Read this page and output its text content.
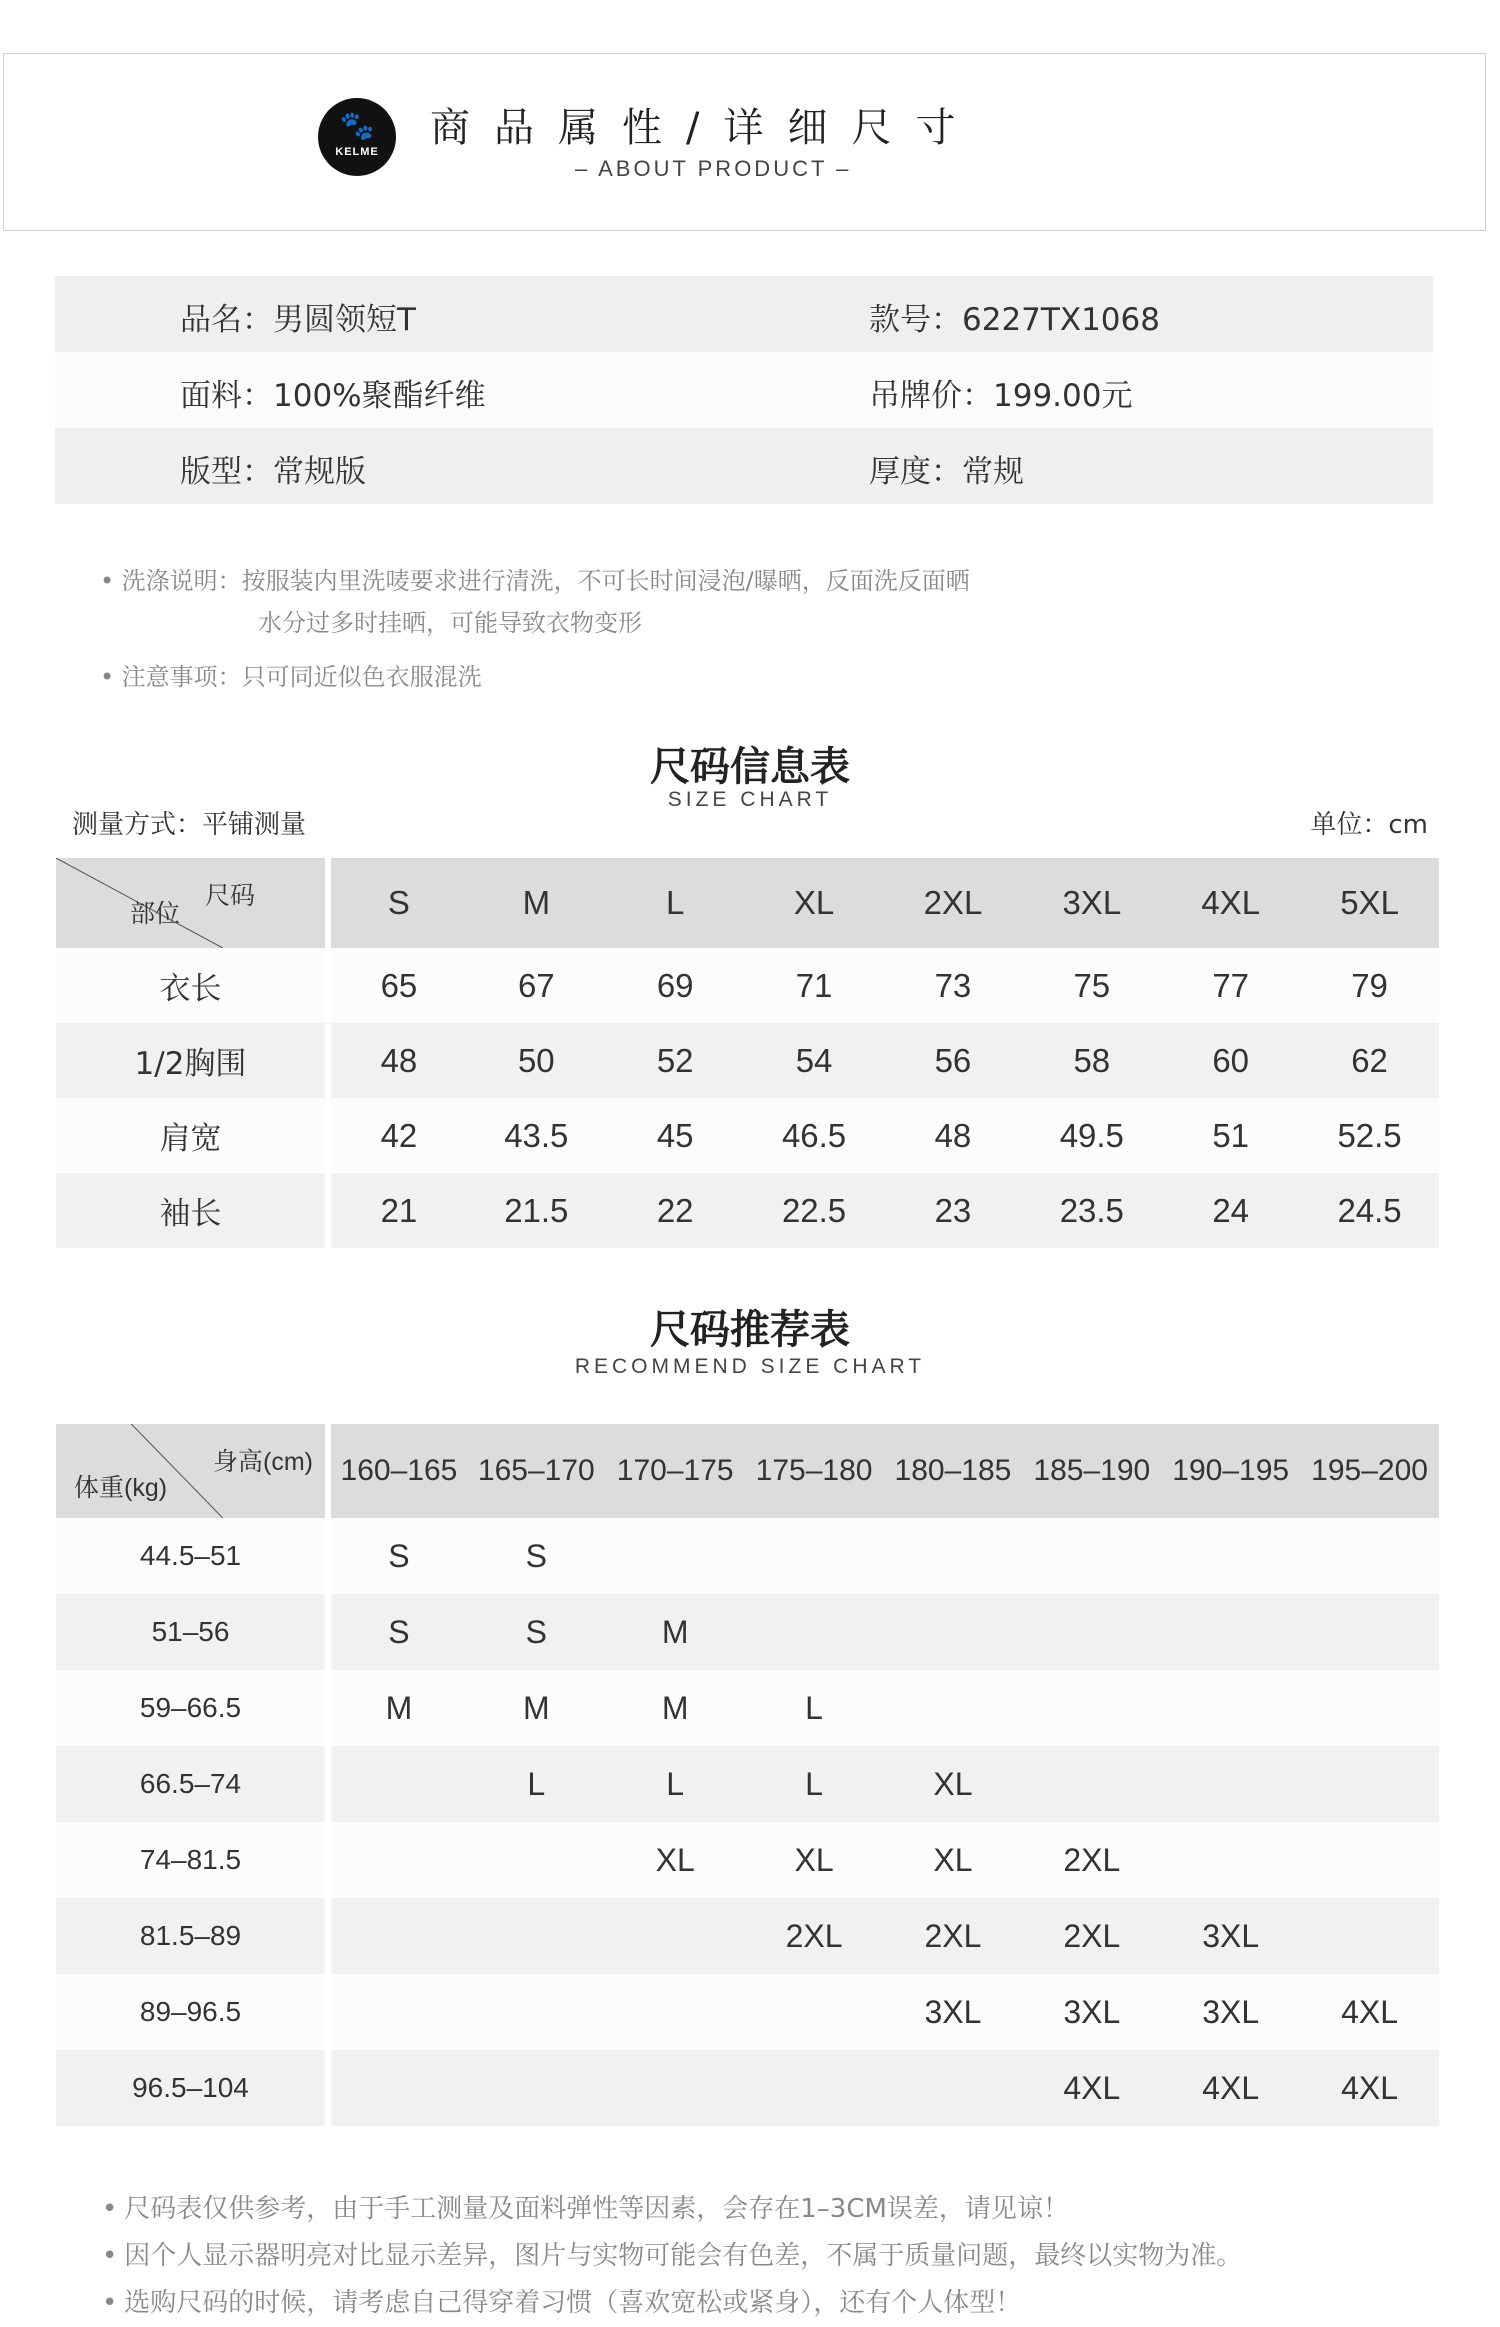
🐾
KELME
商品属性/详细尺寸
– ABOUT PRODUCT –
品名：男圆领短T	款号：6227TX1068
面料：100%聚酯纤维	吊牌价：199.00元
版型：常规版	厚度：常规
• 洗涤说明：按服装内里洗唛要求进行清洗，不可长时间浸泡/曝晒，反面洗反面晒
水分过多时挂晒，可能导致衣物变形
• 注意事项：只可同近似色衣服混洗
尺码信息表
SIZE CHART
测量方式：平铺测量	单位：cm
尺码
部位	S	M	L	XL	2XL	3XL	4XL	5XL
衣长	65	67	69	71	73	75	77	79
1/2胸围	48	50	52	54	56	58	60	62
肩宽	42	43.5	45	46.5	48	49.5	51	52.5
袖长	21	21.5	22	22.5	23	23.5	24	24.5
尺码推荐表
RECOMMEND SIZE CHART
身高(cm)
体重(kg)	160–165	165–170	170–175	175–180	180–185	185–190	190–195	195–200
44.5–51	S	S						
51–56	S	S	M					
59–66.5	M	M	M	L				
66.5–74		L	L	L	XL			
74–81.5			XL	XL	XL	2XL		
81.5–89				2XL	2XL	2XL	3XL	
89–96.5					3XL	3XL	3XL	4XL
96.5–104						4XL	4XL	4XL
• 尺码表仅供参考，由于手工测量及面料弹性等因素，会存在1–3CM误差，请见谅！
• 因个人显示器明亮对比显示差异，图片与实物可能会有色差，不属于质量问题，最终以实物为准。
• 选购尺码的时候，请考虑自己得穿着习惯（喜欢宽松或紧身），还有个人体型！
